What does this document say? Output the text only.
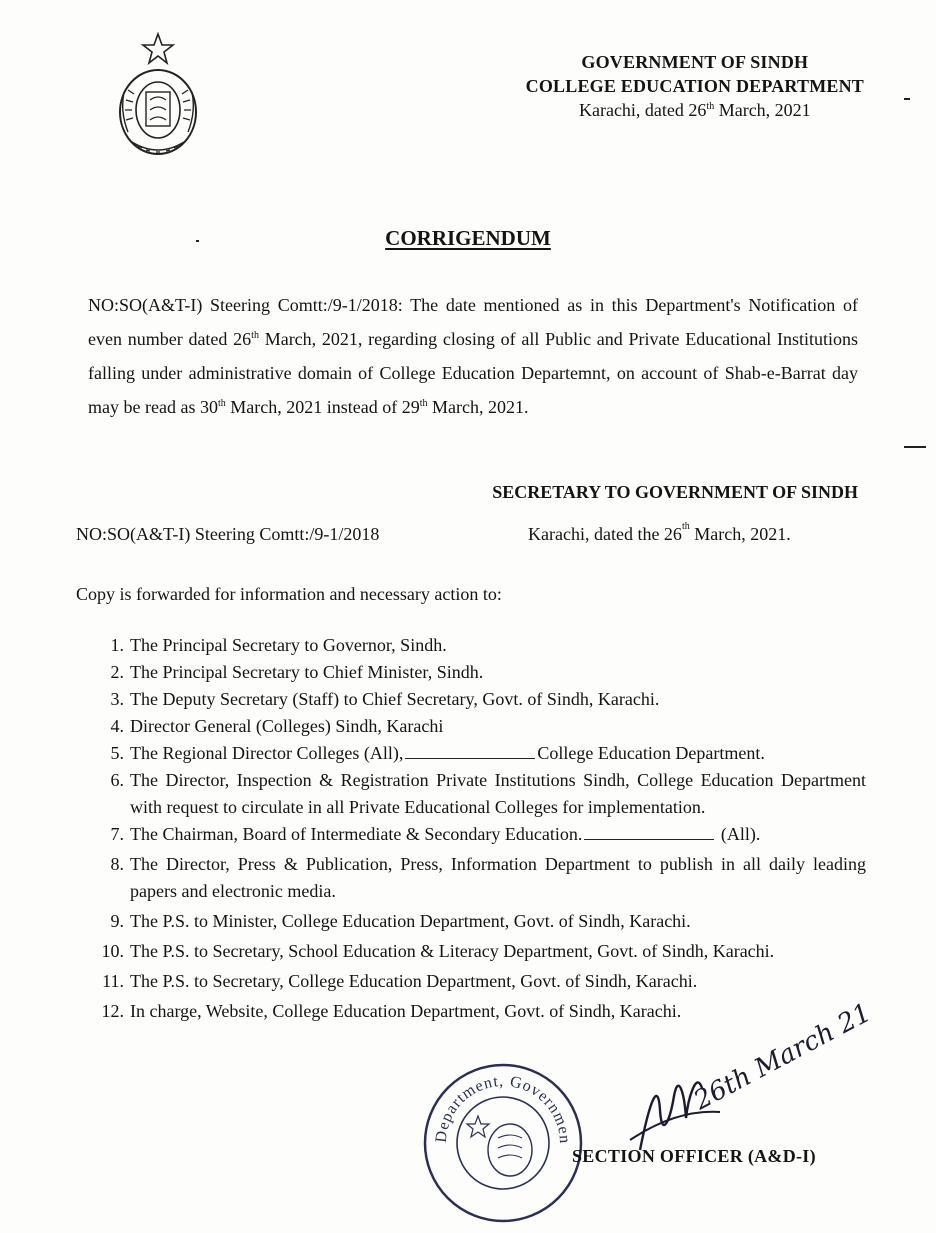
GOVERNMENT OF SINDH
COLLEGE EDUCATION DEPARTMENT
Karachi, dated 26th March, 2021
CORRIGENDUM
NO:SO(A&T-I) Steering Comtt:/9-1/2018: The date mentioned as in this Department's Notification of even number dated 26th March, 2021, regarding closing of all Public and Private Educational Institutions falling under administrative domain of College Education Departemnt, on account of Shab-e-Barrat day may be read as 30th March, 2021 instead of 29th March, 2021.
SECRETARY TO GOVERNMENT OF SINDH
NO:SO(A&T-I) Steering Comtt:/9-1/2018	Karachi, dated the 26th March, 2021.
Copy is forwarded for information and necessary action to:
1. The Principal Secretary to Governor, Sindh.
2. The Principal Secretary to Chief Minister, Sindh.
3. The Deputy Secretary (Staff) to Chief Secretary, Govt. of Sindh, Karachi.
4. Director General (Colleges) Sindh, Karachi
5. The Regional Director Colleges (All),	College Education Department.
6. The Director, Inspection & Registration Private Institutions Sindh, College Education Department with request to circulate in all Private Educational Colleges for implementation.
7. The Chairman, Board of Intermediate & Secondary Education.	(All).
8. The Director, Press & Publication, Press, Information Department to publish in all daily leading papers and electronic media.
9. The P.S. to Minister, College Education Department, Govt. of Sindh, Karachi.
10. The P.S. to Secretary, School Education & Literacy Department, Govt. of Sindh, Karachi.
11. The P.S. to Secretary, College Education Department, Govt. of Sindh, Karachi.
12. In charge, Website, College Education Department, Govt. of Sindh, Karachi.
Department, Governmen
26th March 21
SECTION OFFICER (A&D-I)
